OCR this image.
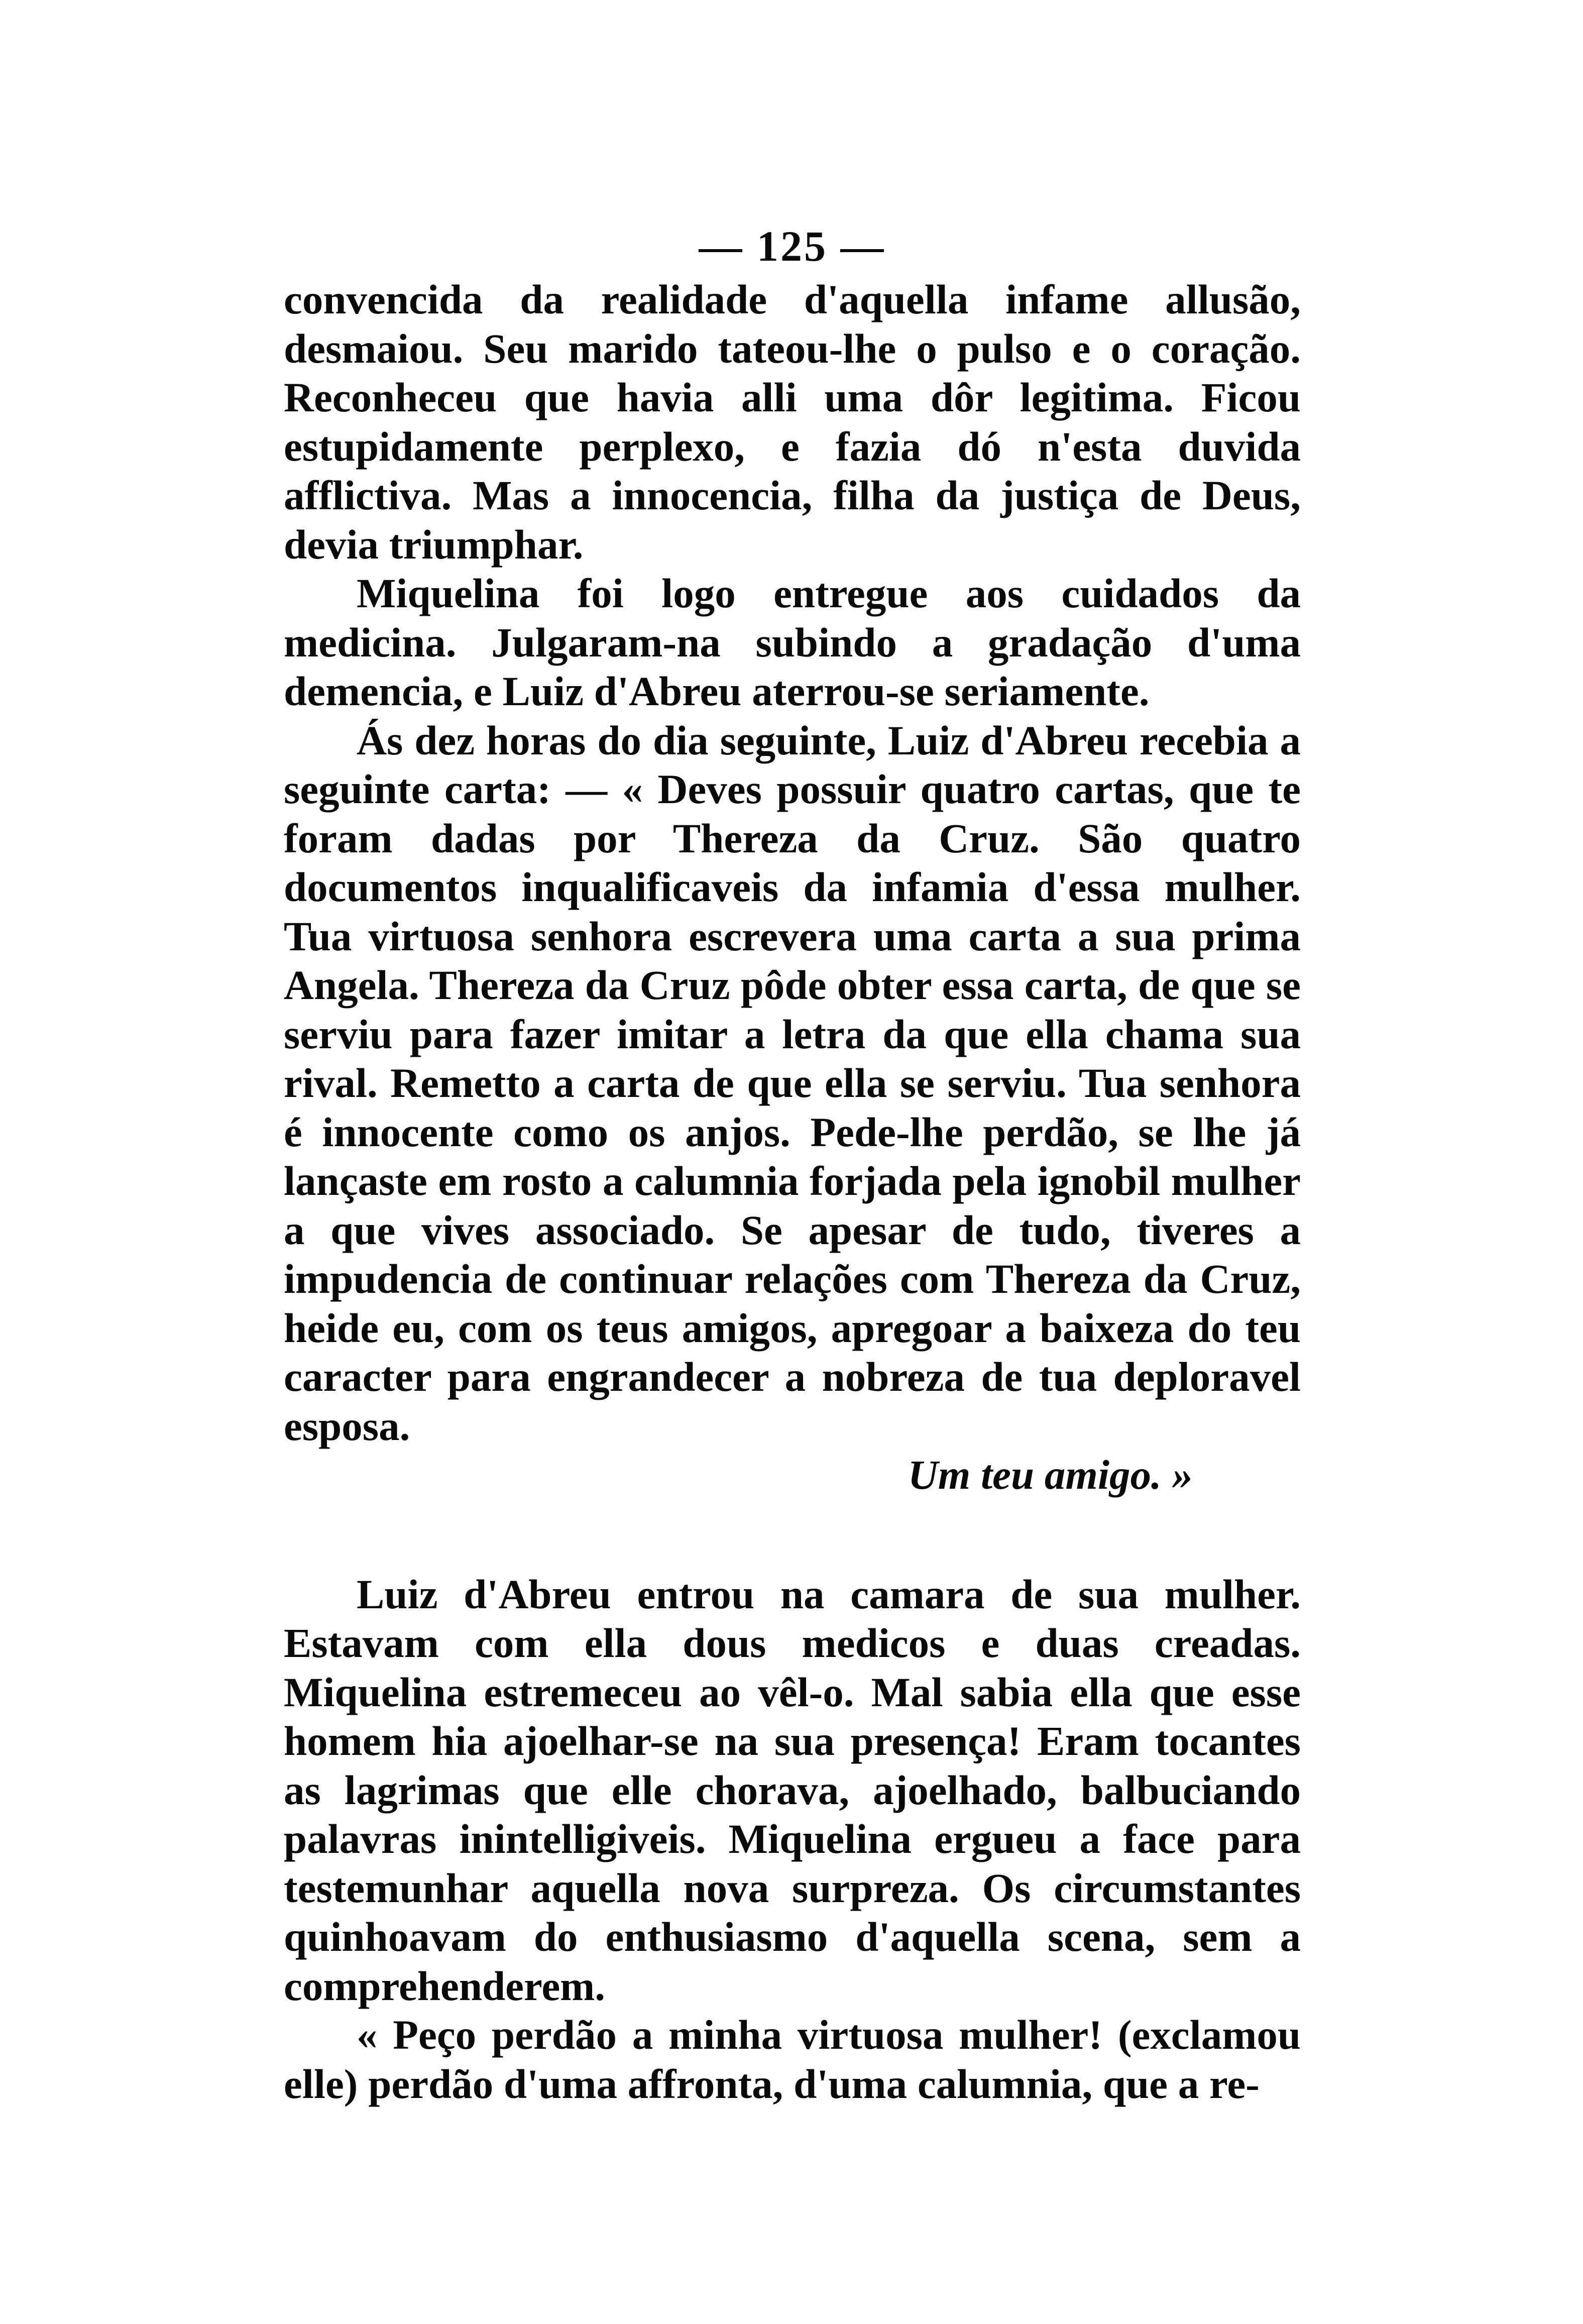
— 125 —

convencida da realidade d'aquella infame allusão, desmaiou. Seu marido tateou-lhe o pulso e o coração. Reconheceu que havia alli uma dôr legitima. Ficou estupidamente perplexo, e fazia dó n'esta duvida afflictiva. Mas a innocencia, filha da justiça de Deus, devia triumphar.

Miquelina foi logo entregue aos cuidados da medicina. Julgaram-na subindo a gradação d'uma demencia, e Luiz d'Abreu aterrou-se seriamente.

Ás dez horas do dia seguinte, Luiz d'Abreu recebia a seguinte carta: — « Deves possuir quatro cartas, que te foram dadas por Thereza da Cruz. São quatro documentos inqualificaveis da infamia d'essa mulher. Tua virtuosa senhora escrevera uma carta a sua prima Angela. Thereza da Cruz pôde obter essa carta, de que se serviu para fazer imitar a letra da que ella chama sua rival. Remetto a carta de que ella se serviu. Tua senhora é innocente como os anjos. Pede-lhe perdão, se lhe já lançaste em rosto a calumnia forjada pela ignobil mulher a que vives associado. Se apesar de tudo, tiveres a impudencia de continuar relações com Thereza da Cruz, heide eu, com os teus amigos, apregoar a baixeza do teu caracter para engrandecer a nobreza de tua deploravel esposa.

Um teu amigo. »

Luiz d'Abreu entrou na camara de sua mulher. Estavam com ella dous medicos e duas creadas. Miquelina estremeceu ao vêl-o. Mal sabia ella que esse homem hia ajoelhar-se na sua presença! Eram tocantes as lagrimas que elle chorava, ajoelhado, balbuciando palavras inintelligiveis. Miquelina ergueu a face para testemunhar aquella nova surpreza. Os circumstantes quinhoavam do enthusiasmo d'aquella scena, sem a comprehenderem.

« Peço perdão a minha virtuosa mulher! (exclamou elle) perdão d'uma affronta, d'uma calumnia, que a re-
